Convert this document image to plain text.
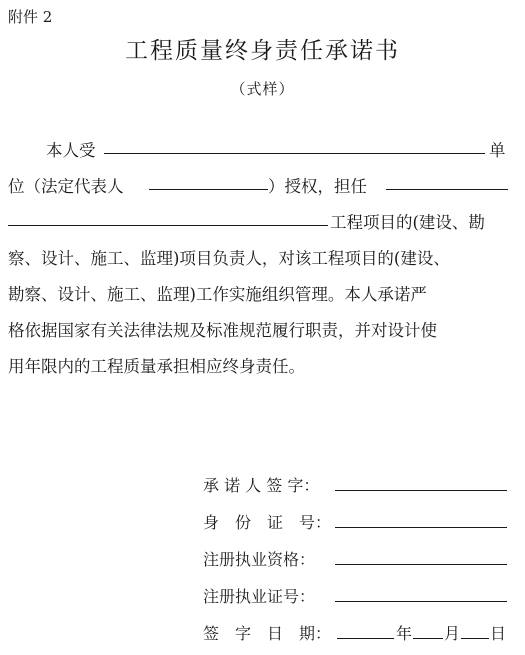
附件 2
工程质量终身责任承诺书
（式样）
本人受	单
位（法定代表人	）授权，担任
工程项目的(建设、勘
察、设计、施工、监理)项目负责人，对该工程项目的(建设、
勘察、设计、施工、监理)工作实施组织管理。本人承诺严
格依据国家有关法律法规及标准规范履行职责，并对设计使
用年限内的工程质量承担相应终身责任。
承 诺 人 签 字：
身　份　证　号：
注册执业资格：
注册执业证号：
签　字　日　期：	年 月 日
